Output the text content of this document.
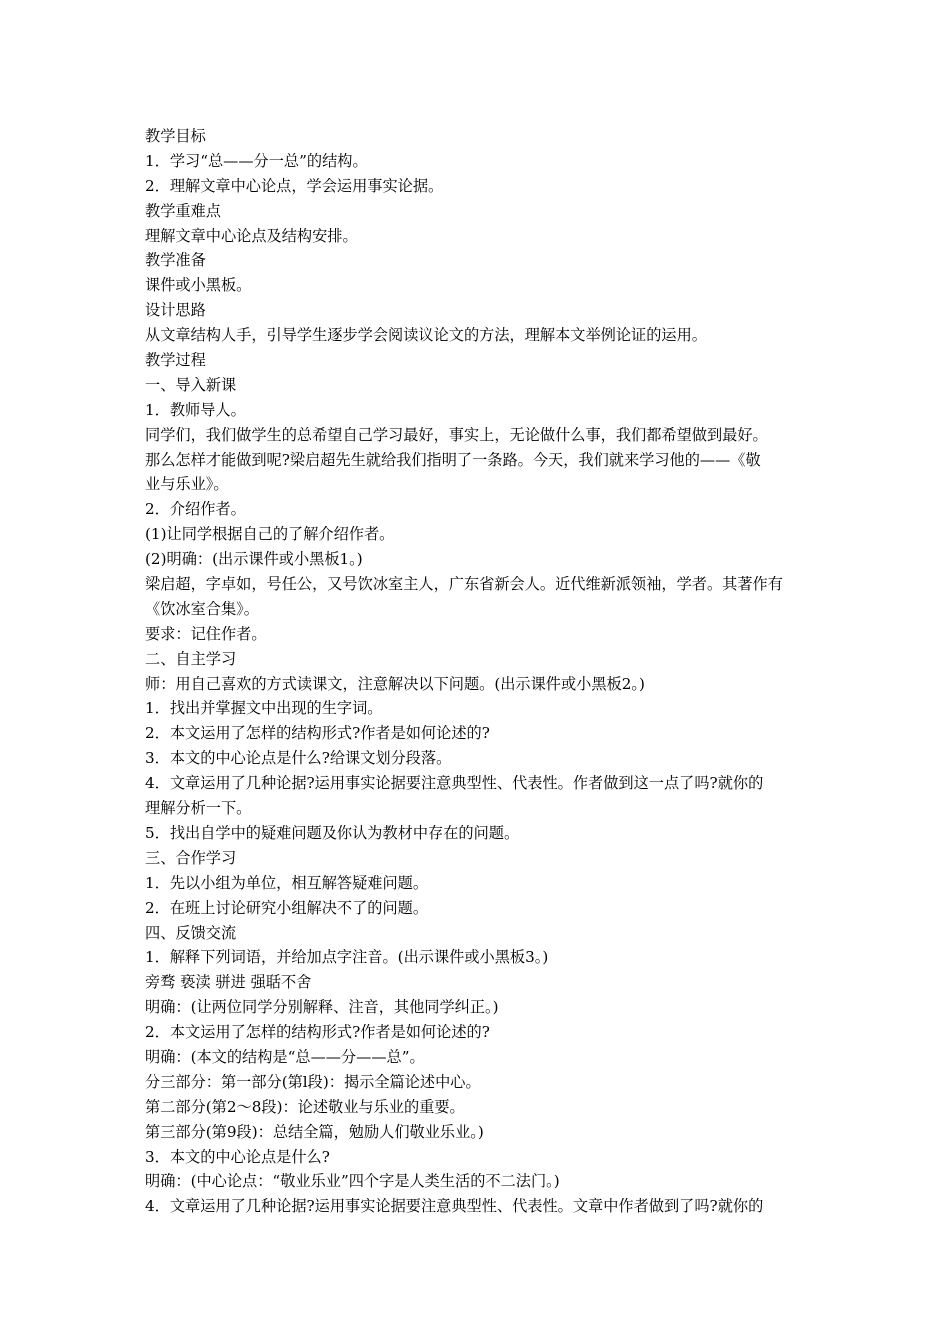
教学目标
1．学习“总——分一总”的结构。
2．理解文章中心论点，学会运用事实论据。
教学重难点
理解文章中心论点及结构安排。
教学准备
课件或小黑板。
设计思路
从文章结构人手，引导学生逐步学会阅读议论文的方法，理解本文举例论证的运用。
教学过程
一、导入新课
1．教师导人。
同学们，我们做学生的总希望自己学习最好，事实上，无论做什么事，我们都希望做到最好。
那么怎样才能做到呢?梁启超先生就给我们指明了一条路。今天，我们就来学习他的——《敬
业与乐业》。
2．介绍作者。
(1)让同学根据自己的了解介绍作者。
(2)明确：(出示课件或小黑板1。)
梁启超，字卓如，号任公，又号饮冰室主人，广东省新会人。近代维新派领袖，学者。其著作有
《饮冰室合集》。
要求：记住作者。
二、自主学习
师：用自己喜欢的方式读课文，注意解决以下问题。(出示课件或小黑板2。)
1．找出并掌握文中出现的生字词。
2．本文运用了怎样的结构形式?作者是如何论述的?
3．本文的中心论点是什么?给课文划分段落。
4．文章运用了几种论据?运用事实论据要注意典型性、代表性。作者做到这一点了吗?就你的
理解分析一下。
5．找出自学中的疑难问题及你认为教材中存在的问题。
三、合作学习
1．先以小组为单位，相互解答疑难问题。
2．在班上讨论研究小组解决不了的问题。
四、反馈交流
1．解释下列词语，并给加点字注音。(出示课件或小黑板3。)
旁骛 亵渎 骈进 强聒不舍
明确：(让两位同学分别解释、注音，其他同学纠正。)
2．本文运用了怎样的结构形式?作者是如何论述的?
明确：(本文的结构是“总——分——总”。
分三部分：第一部分(第l段)：揭示全篇论述中心。
第二部分(第2～8段)：论述敬业与乐业的重要。
第三部分(第9段)：总结全篇，勉励人们敬业乐业。)
3．本文的中心论点是什么?
明确：(中心论点：“敬业乐业”四个字是人类生活的不二法门。)
4．文章运用了几种论据?运用事实论据要注意典型性、代表性。文章中作者做到了吗?就你的
